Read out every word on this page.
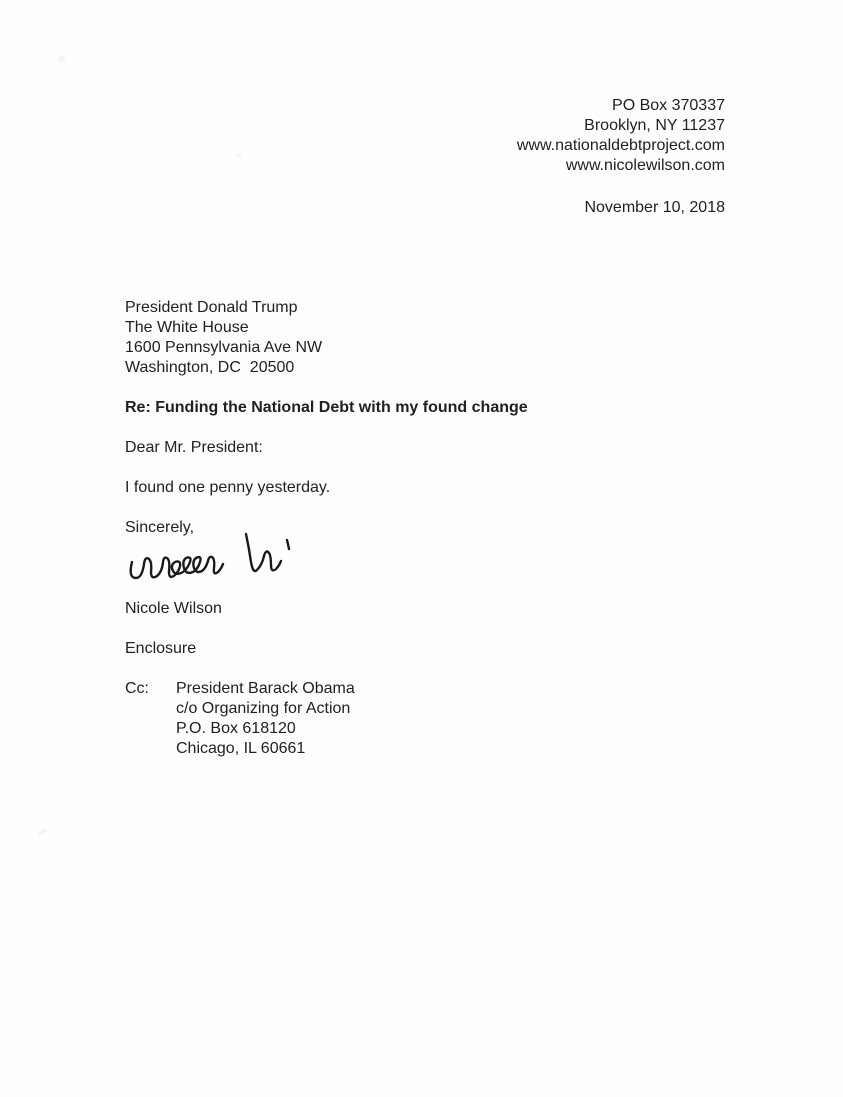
PO Box 370337
Brooklyn, NY 11237
www.nationaldebtproject.com
www.nicolewilson.com
November 10, 2018
President Donald Trump
The White House
1600 Pennsylvania Ave NW
Washington, DC  20500
Re: Funding the National Debt with my found change
Dear Mr. President:
I found one penny yesterday.
Sincerely,
Nicole Wilson
Enclosure
Cc:	President Barack Obama
c/o Organizing for Action
P.O. Box 618120
Chicago, IL 60661
